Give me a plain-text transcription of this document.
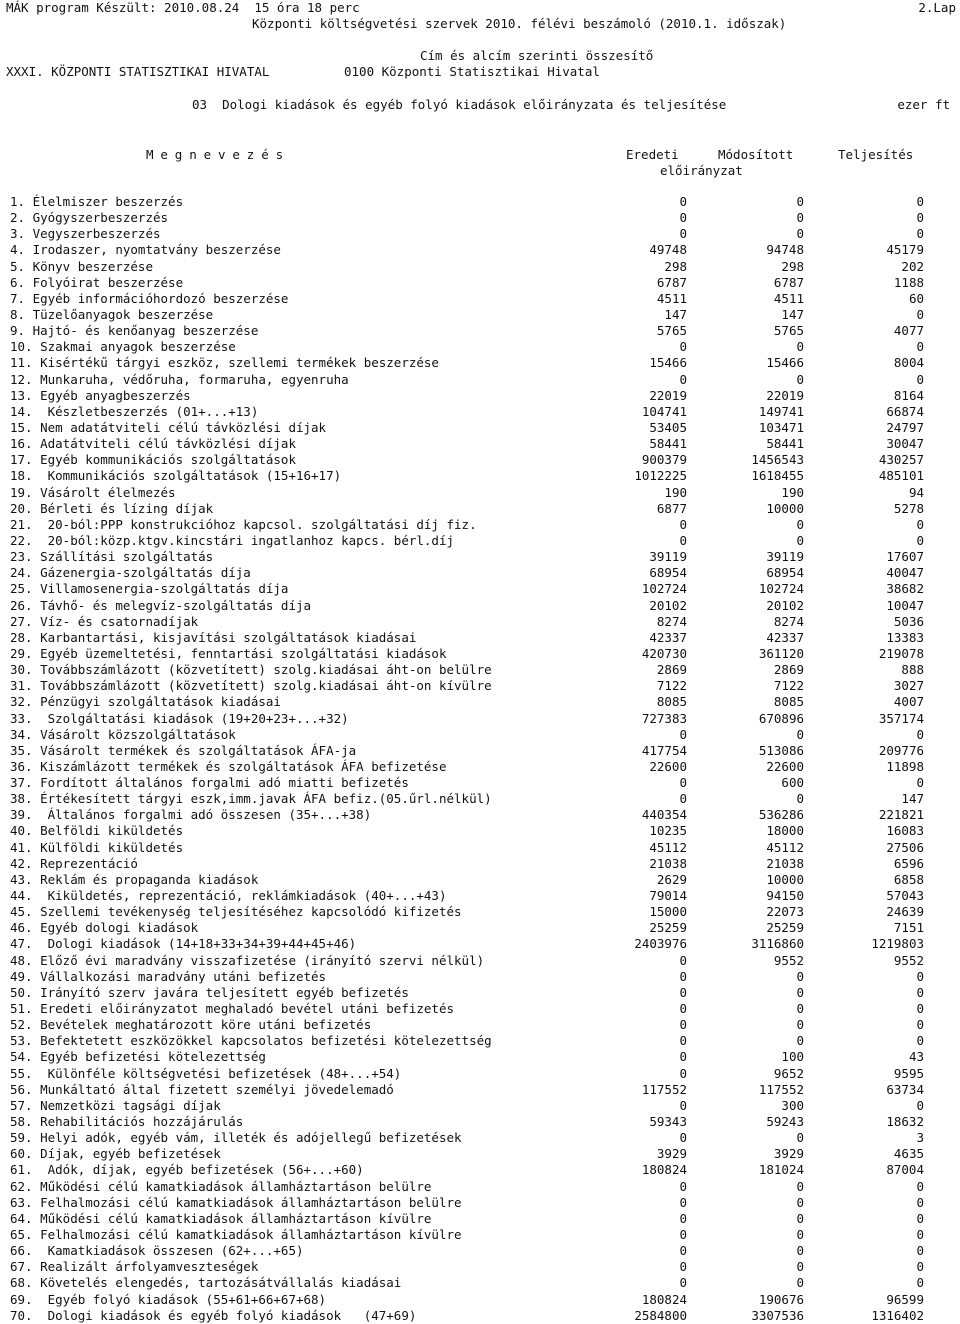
MÁK program Készült: 2010.08.24  15 óra 18 perc	2.Lap
Központi költségvetési szervek 2010. félévi beszámoló (2010.1. időszak)
Cím és alcím szerinti összesítő
XXXI. KÖZPONTI STATISZTIKAI HIVATAL	0100 Központi Statisztikai Hivatal
03  Dologi kiadások és egyéb folyó kiadások előirányzata és teljesítése	ezer ft
Megnevezés	Eredeti	Módosított	Teljesítés
előirányzat
1. Élelmiszer beszerzés	0	0	0
2. Gyógyszerbeszerzés	0	0	0
3. Vegyszerbeszerzés	0	0	0
4. Irodaszer, nyomtatvány beszerzése	49748	94748	45179
5. Könyv beszerzése	298	298	202
6. Folyóirat beszerzése	6787	6787	1188
7. Egyéb információhordozó beszerzése	4511	4511	60
8. Tüzelőanyagok beszerzése	147	147	0
9. Hajtó- és kenőanyag beszerzése	5765	5765	4077
10. Szakmai anyagok beszerzése	0	0	0
11. Kisértékű tárgyi eszköz, szellemi termékek beszerzése	15466	15466	8004
12. Munkaruha, védőruha, formaruha, egyenruha	0	0	0
13. Egyéb anyagbeszerzés	22019	22019	8164
14.  Készletbeszerzés (01+...+13)	104741	149741	66874
15. Nem adatátviteli célú távközlési díjak	53405	103471	24797
16. Adatátviteli célú távközlési díjak	58441	58441	30047
17. Egyéb kommunikációs szolgáltatások	900379	1456543	430257
18.  Kommunikációs szolgáltatások (15+16+17)	1012225	1618455	485101
19. Vásárolt élelmezés	190	190	94
20. Bérleti és lízing díjak	6877	10000	5278
21.  20-ból:PPP konstrukcióhoz kapcsol. szolgáltatási díj fiz.	0	0	0
22.  20-ból:közp.ktgv.kincstári ingatlanhoz kapcs. bérl.díj	0	0	0
23. Szállítási szolgáltatás	39119	39119	17607
24. Gázenergia-szolgáltatás díja	68954	68954	40047
25. Villamosenergia-szolgáltatás díja	102724	102724	38682
26. Távhő- és melegvíz-szolgáltatás díja	20102	20102	10047
27. Víz- és csatornadíjak	8274	8274	5036
28. Karbantartási, kisjavítási szolgáltatások kiadásai	42337	42337	13383
29. Egyéb üzemeltetési, fenntartási szolgáltatási kiadások	420730	361120	219078
30. Továbbszámlázott (közvetített) szolg.kiadásai áht-on belülre	2869	2869	888
31. Továbbszámlázott (közvetített) szolg.kiadásai áht-on kívülre	7122	7122	3027
32. Pénzügyi szolgáltatások kiadásai	8085	8085	4007
33.  Szolgáltatási kiadások (19+20+23+...+32)	727383	670896	357174
34. Vásárolt közszolgáltatások	0	0	0
35. Vásárolt termékek és szolgáltatások ÁFA-ja	417754	513086	209776
36. Kiszámlázott termékek és szolgáltatások ÁFA befizetése	22600	22600	11898
37. Fordított általános forgalmi adó miatti befizetés	0	600	0
38. Értékesített tárgyi eszk,imm.javak ÁFA befiz.(05.űrl.nélkül)	0	0	147
39.  Általános forgalmi adó összesen (35+...+38)	440354	536286	221821
40. Belföldi kiküldetés	10235	18000	16083
41. Külföldi kiküldetés	45112	45112	27506
42. Reprezentáció	21038	21038	6596
43. Reklám és propaganda kiadások	2629	10000	6858
44.  Kiküldetés, reprezentáció, reklámkiadások (40+...+43)	79014	94150	57043
45. Szellemi tevékenység teljesítéséhez kapcsolódó kifizetés	15000	22073	24639
46. Egyéb dologi kiadások	25259	25259	7151
47.  Dologi kiadások (14+18+33+34+39+44+45+46)	2403976	3116860	1219803
48. Előző évi maradvány visszafizetése (irányító szervi nélkül)	0	9552	9552
49. Vállalkozási maradvány utáni befizetés	0	0	0
50. Irányító szerv javára teljesített egyéb befizetés	0	0	0
51. Eredeti előirányzatot meghaladó bevétel utáni befizetés	0	0	0
52. Bevételek meghatározott köre utáni befizetés	0	0	0
53. Befektetett eszközökkel kapcsolatos befizetési kötelezettség	0	0	0
54. Egyéb befizetési kötelezettség	0	100	43
55.  Különféle költségvetési befizetések (48+...+54)	0	9652	9595
56. Munkáltató által fizetett személyi jövedelemadó	117552	117552	63734
57. Nemzetközi tagsági díjak	0	300	0
58. Rehabilitációs hozzájárulás	59343	59243	18632
59. Helyi adók, egyéb vám, illeték és adójellegű befizetések	0	0	3
60. Díjak, egyéb befizetések	3929	3929	4635
61.  Adók, díjak, egyéb befizetések (56+...+60)	180824	181024	87004
62. Működési célú kamatkiadások államháztartáson belülre	0	0	0
63. Felhalmozási célú kamatkiadások államháztartáson belülre	0	0	0
64. Működési célú kamatkiadások államháztartáson kívülre	0	0	0
65. Felhalmozási célú kamatkiadások államháztartáson kívülre	0	0	0
66.  Kamatkiadások összesen (62+...+65)	0	0	0
67. Realizált árfolyamveszteségek	0	0	0
68. Követelés elengedés, tartozásátvállalás kiadásai	0	0	0
69.  Egyéb folyó kiadások (55+61+66+67+68)	180824	190676	96599
70.  Dologi kiadások és egyéb folyó kiadások   (47+69)	2584800	3307536	1316402
